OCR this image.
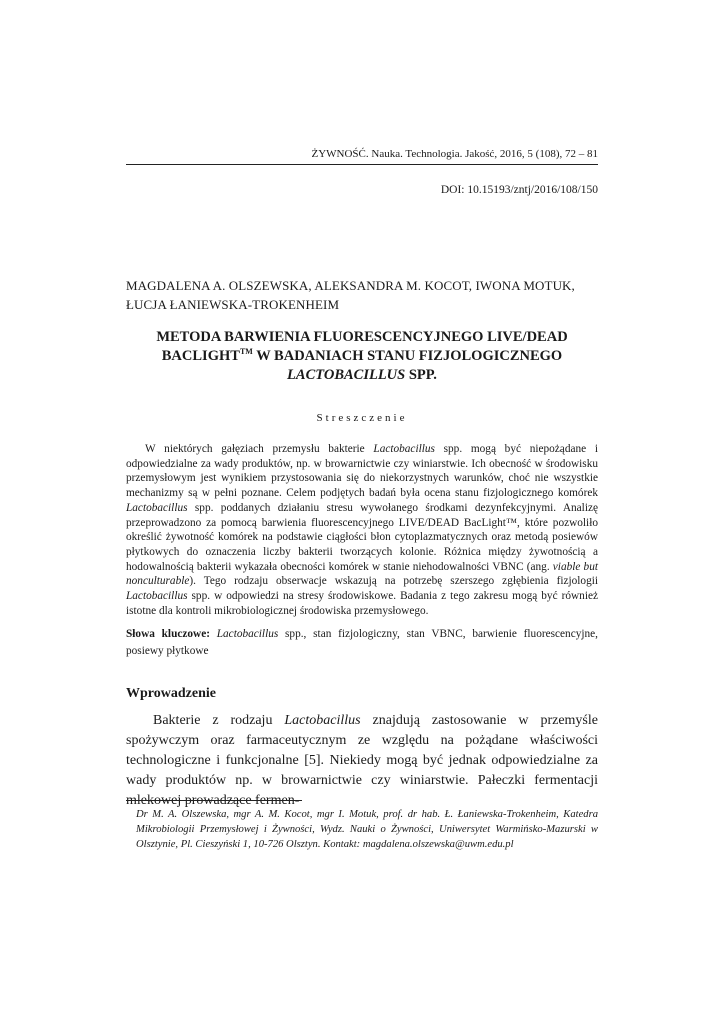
ŻYWNOŚĆ. Nauka. Technologia. Jakość, 2016, 5 (108), 72 – 81
DOI: 10.15193/zntj/2016/108/150
MAGDALENA A. OLSZEWSKA, ALEKSANDRA M. KOCOT, IWONA MOTUK,
ŁUCJA ŁANIEWSKA-TROKENHEIM
METODA BARWIENIA FLUORESCENCYJNEGO LIVE/DEAD
BACLIGHT™ W BADANIACH STANU FIZJOLOGICZNEGO
LACTOBACILLUS SPP.
Streszczenie

W niektórych gałęziach przemysłu bakterie Lactobacillus spp. mogą być niepożądane i odpowiedzialne za wady produktów, np. w browarnictwie czy winiarstwie. Ich obecność w środowisku przemysłowym jest wynikiem przystosowania się do niekorzystnych warunków, choć nie wszystkie mechanizmy są w pełni poznane. Celem podjętych badań była ocena stanu fizjologicznego komórek Lactobacillus spp. poddanych działaniu stresu wywołanego środkami dezynfekcyjnymi. Analizę przeprowadzono za pomocą barwienia fluorescencyjnego LIVE/DEAD BacLight™, które pozwoliło określić żywotność komórek na podstawie ciągłości błon cytoplazmatycznych oraz metodą posiewów płytkowych do oznaczenia liczby bakterii tworzących kolonie. Różnica między żywotnością a hodowalnością bakterii wykazała obecności komórek w stanie niehodowalności VBNC (ang. viable but nonculturable). Tego rodzaju obserwacje wskazują na potrzebę szerszego zgłębienia fizjologii Lactobacillus spp. w odpowiedzi na stresy środowiskowe. Badania z tego zakresu mogą być również istotne dla kontroli mikrobiologicznej środowiska przemysłowego.

Słowa kluczowe: Lactobacillus spp., stan fizjologiczny, stan VBNC, barwienie fluorescencyjne, posiewy płytkowe
Wprowadzenie

Bakterie z rodzaju Lactobacillus znajdują zastosowanie w przemyśle spożywczym oraz farmaceutycznym ze względu na pożądane właściwości technologiczne i funkcjonalne [5]. Niekiedy mogą być jednak odpowiedzialne za wady produktów np. w browarnictwie czy winiarstwie. Pałeczki fermentacji mlekowej prowadzące fermen-

Dr M. A. Olszewska, mgr A. M. Kocot, mgr I. Motuk, prof. dr hab. Ł. Łaniewska-Trokenheim, Katedra Mikrobiologii Przemysłowej i Żywności, Wydz. Nauki o Żywności, Uniwersytet Warmińsko-Mazurski w Olsztynie, Pl. Cieszyński 1, 10-726 Olsztyn. Kontakt: magdalena.olszewska@uwm.edu.pl
